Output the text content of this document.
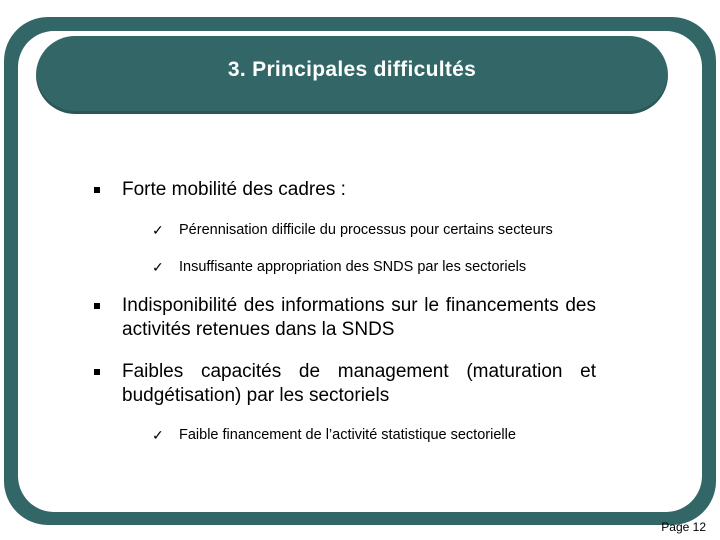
3. Principales difficultés
Forte mobilité des cadres :
✓ Pérennisation difficile du processus pour certains secteurs
✓ Insuffisante appropriation des SNDS par les sectoriels
Indisponibilité des informations sur le financements des activités retenues dans la SNDS
Faibles capacités de management (maturation et budgétisation) par les sectoriels
✓ Faible financement de l’activité statistique sectorielle
Page 12
